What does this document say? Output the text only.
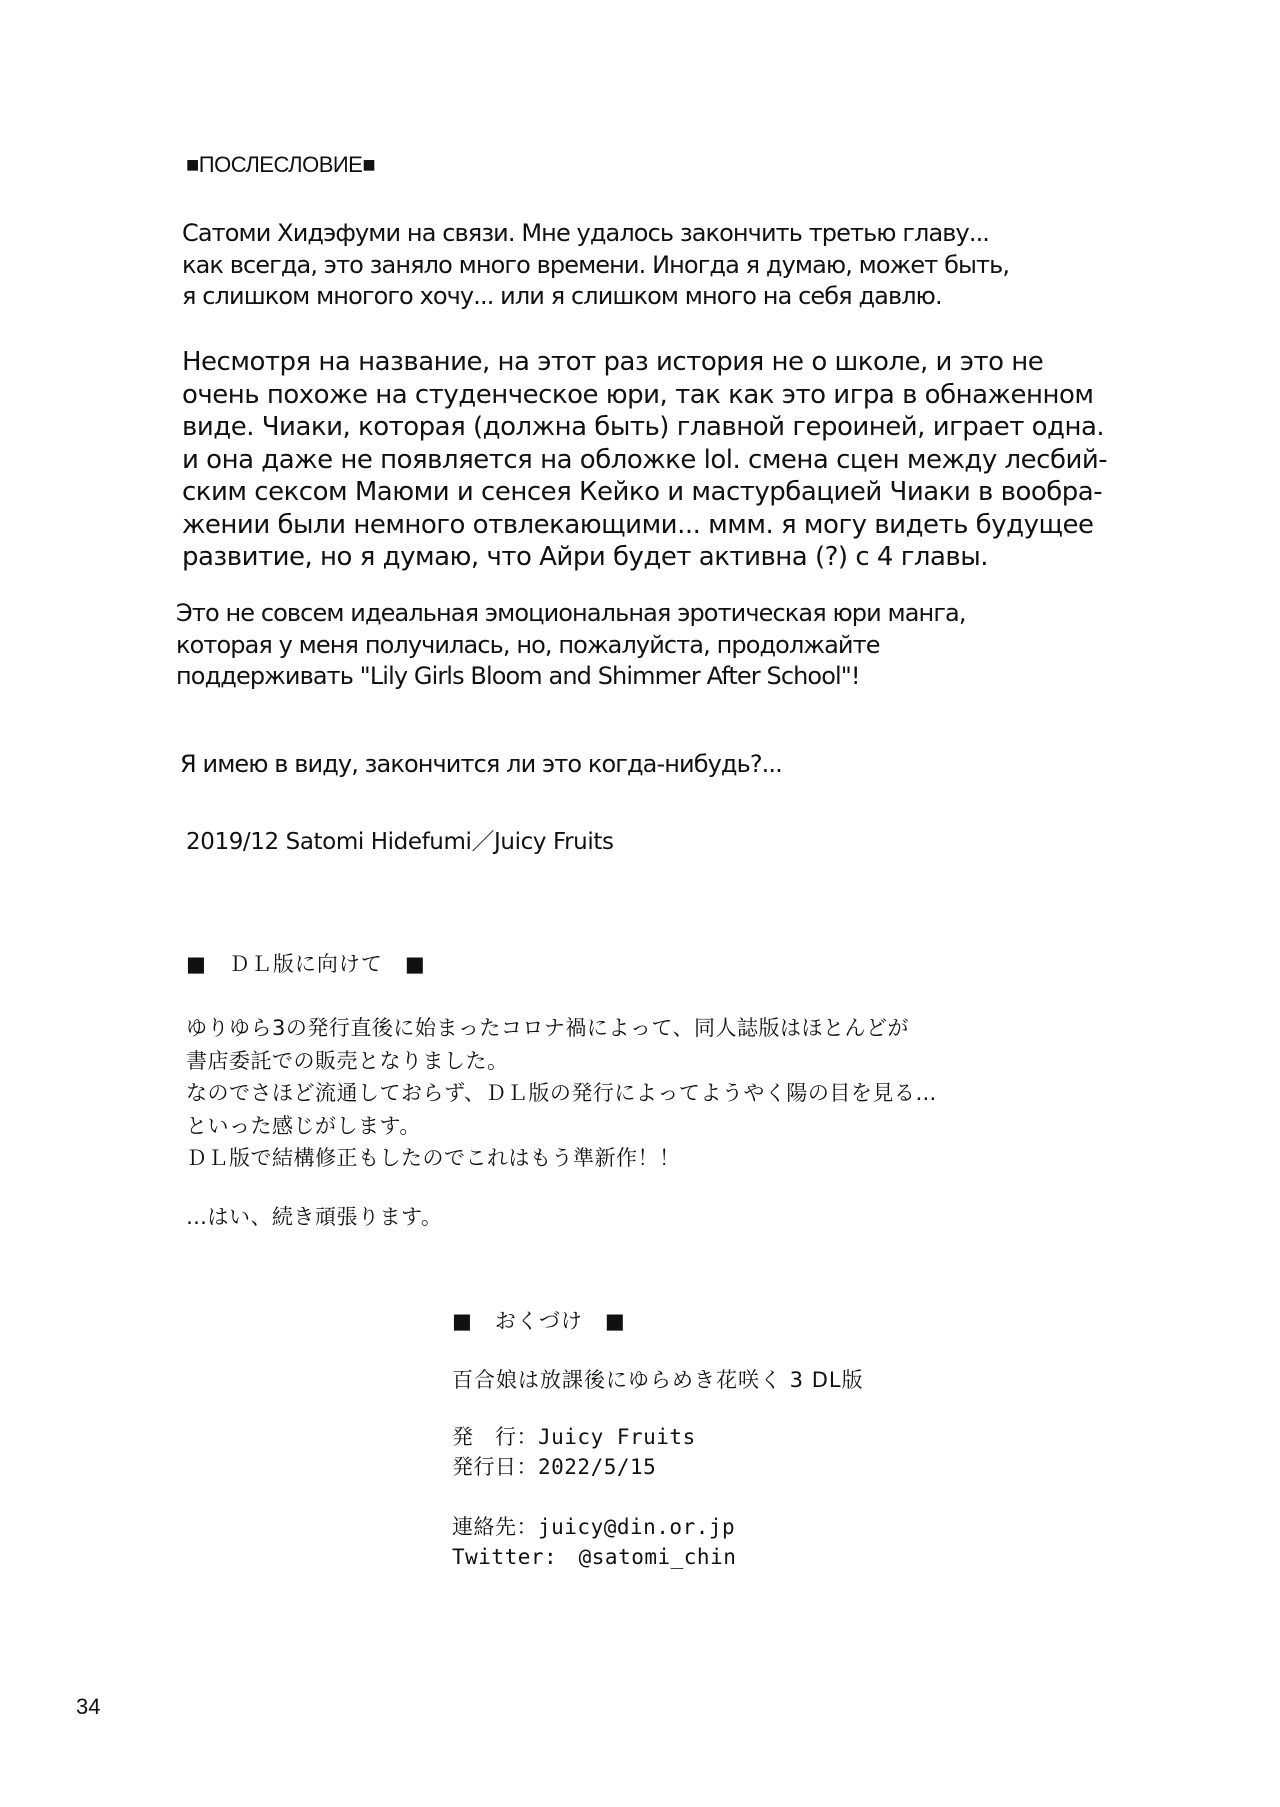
■ПОСЛЕСЛОВИЕ■
Сатоми Хидэфуми на связи. Мне удалось закончить третью главу...
как всегда, это заняло много времени. Иногда я думаю, может быть,
я слишком многого хочу... или я слишком много на себя давлю.
Несмотря на название, на этот раз история не о школе, и это не
очень похоже на студенческое юри, так как это игра в обнаженном
виде. Чиаки, которая (должна быть) главной героиней, играет одна.
и она даже не появляется на обложке lol. смена сцен между лесбий-
ским сексом Маюми и сенсея Кейко и мастурбацией Чиаки в вообра-
жении были немного отвлекающими... ммм. я могу видеть будущее
развитие, но я думаю, что Айри будет активна (?) с 4 главы.
Это не совсем идеальная эмоциональная эротическая юри манга,
которая у меня получилась, но, пожалуйста, продолжайте
поддерживать "Lily Girls Bloom and Shimmer After School"!
Я имею в виду, закончится ли это когда-нибудь?...
2019/12 Satomi Hidefumi／Juicy Fruits
■　ＤＬ版に向けて　■
ゆりゆら3の発行直後に始まったコロナ禍によって、同人誌版はほとんどが
書店委託での販売となりました。
なのでさほど流通しておらず、ＤＬ版の発行によってようやく陽の目を見る…
といった感じがします。
ＤＬ版で結構修正もしたのでこれはもう準新作！！
…はい、続き頑張ります。
■　おくづけ　■
百合娘は放課後にゆらめき花咲く 3 DL版
発　行：Juicy Fruits
発行日：2022/5/15
連絡先：juicy@din.or.jp
Twitter:　@satomi_chin
34
